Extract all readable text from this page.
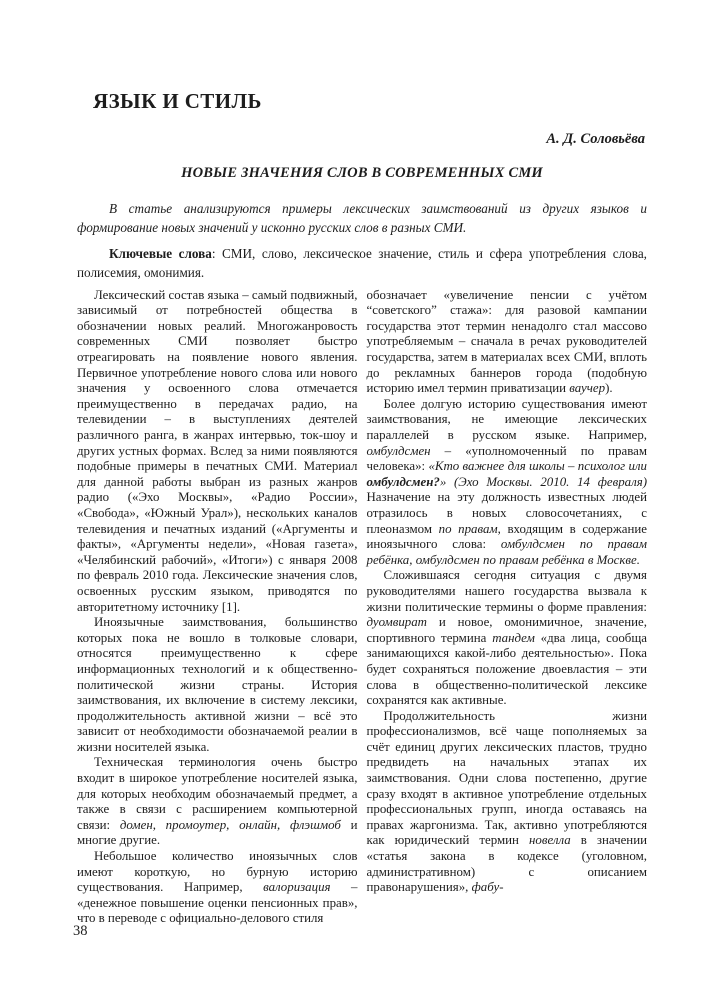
ЯЗЫК И СТИЛЬ
А. Д. Соловьёва
НОВЫЕ ЗНАЧЕНИЯ СЛОВ В СОВРЕМЕННЫХ СМИ

В статье анализируются примеры лексических заимствований из других языков и формирование новых значений у исконно русских слов в разных СМИ.

Ключевые слова: СМИ, слово, лексическое значение, стиль и сфера употребления слова, полисемия, омонимия.

Лексический состав языка – самый подвижный, зависимый от потребностей общества в обозначении новых реалий. Многожанровость современных СМИ позволяет быстро отреагировать на появление нового явления. Первичное употребление нового слова или нового значения у освоенного слова отмечается преимущественно в передачах радио, на телевидении – в выступлениях деятелей различного ранга, в жанрах интервью, ток-шоу и других устных формах. Вслед за ними появляются подобные примеры в печатных СМИ. Материал для данной работы выбран из разных жанров радио («Эхо Москвы», «Радио России», «Свобода», «Южный Урал»), нескольких каналов телевидения и печатных изданий («Аргументы и факты», «Аргументы недели», «Новая газета», «Челябинский рабочий», «Итоги») с января 2008 по февраль 2010 года. Лексические значения слов, освоенных русским языком, приводятся по авторитетному источнику [1].

Иноязычные заимствования, большинство которых пока не вошло в толковые словари, относятся преимущественно к сфере информационных технологий и к общественно-политической жизни страны. История заимствования, их включение в систему лексики, продолжительность активной жизни – всё это зависит от необходимости обозначаемой реалии в жизни носителей языка.

Техническая терминология очень быстро входит в широкое употребление носителей языка, для которых необходим обозначаемый предмет, а также в связи с расширением компьютерной связи: домен, промоутер, онлайн, флэшмоб и многие другие.

Небольшое количество иноязычных слов имеют короткую, но бурную историю существования. Например, валоризация – «денежное повышение оценки пенсионных прав», что в переводе с официально-делового стиля

обозначает «увеличение пенсии с учётом “советского” стажа»: для разовой кампании государства этот термин ненадолго стал массово употребляемым – сначала в речах руководителей государства, затем в материалах всех СМИ, вплоть до рекламных баннеров города (подобную историю имел термин приватизации ваучер).

Более долгую историю существования имеют заимствования, не имеющие лексических параллелей в русском языке. Например, омбулдсмен – «уполномоченный по правам человека»: «Кто важнее для школы – психолог или омбулдсмен?» (Эхо Москвы. 2010. 14 февраля) Назначение на эту должность известных людей отразилось в новых словосочетаниях, с плеоназмом по правам, входящим в содержание иноязычного слова: омбулдсмен по правам ребёнка, омбулдсмен по правам ребёнка в Москве.

Сложившаяся сегодня ситуация с двумя руководителями нашего государства вызвала к жизни политические термины о форме правления: дуомвират и новое, омонимичное, значение, спортивного термина тандем «два лица, сообща занимающихся какой-либо деятельностью». Пока будет сохраняться положение двоевластия – эти слова в общественно-политической лексике сохранятся как активные.

Продолжительность жизни профессионализмов, всё чаще пополняемых за счёт единиц других лексических пластов, трудно предвидеть на начальных этапах их заимствования. Одни слова постепенно, другие сразу входят в активное употребление отдельных профессиональных групп, иногда оставаясь на правах жаргонизма. Так, активно употребляются как юридический термин новелла в значении «статья закона в кодексе (уголовном, административном) с описанием правонарушения», фабу-

38
